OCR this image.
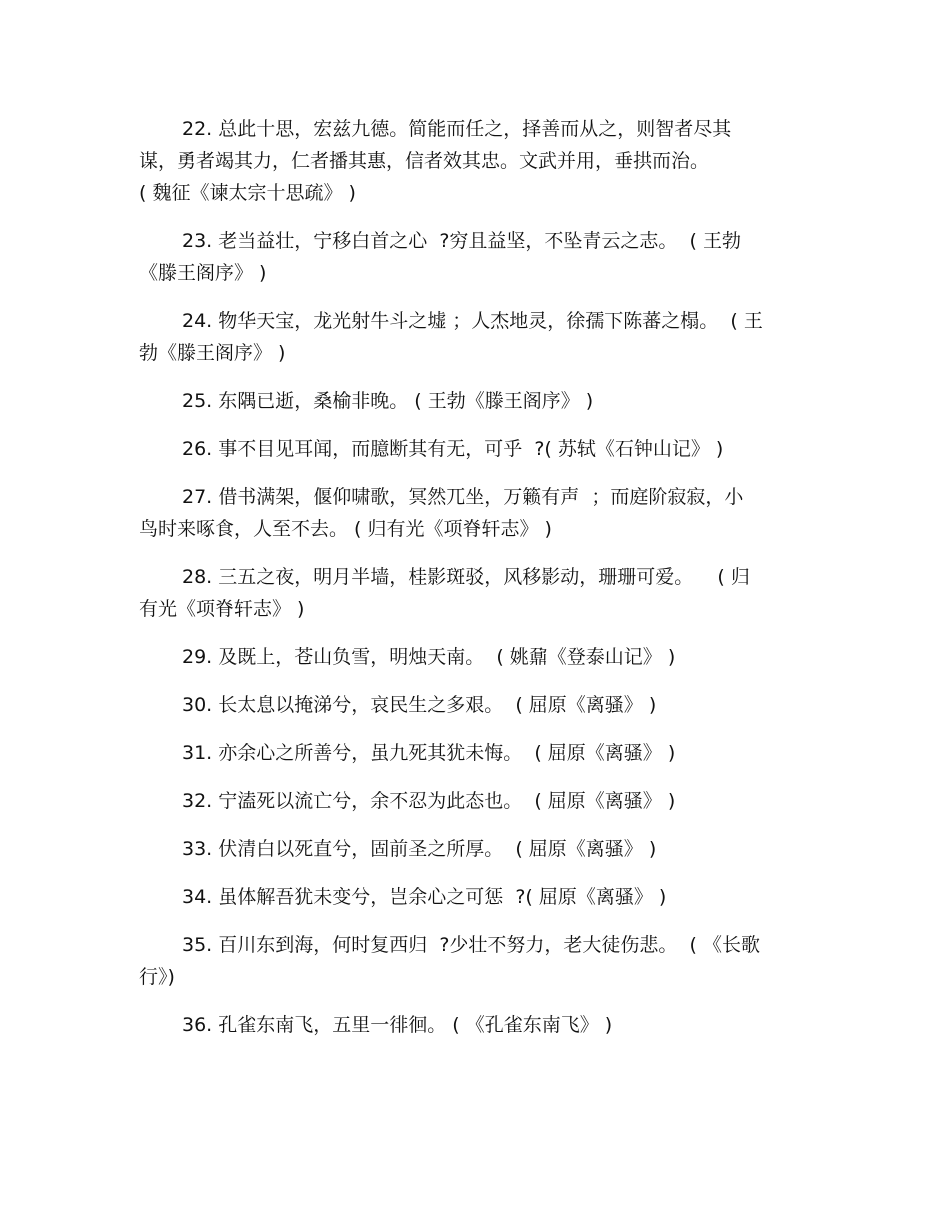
22. 总此十思，宏兹九德。简能而任之，择善而从之，则智者尽其
谋，勇者竭其力，仁者播其惠，信者效其忠。文武并用，垂拱而治。
( 魏征《谏太宗十思疏》 )
23. 老当益壮，宁移白首之心  ?穷且益坚，不坠青云之志。  ( 王勃
《滕王阁序》 )
24. 物华天宝，龙光射牛斗之墟 ；人杰地灵，徐孺下陈蕃之榻。  ( 王
勃《滕王阁序》 )
25. 东隅已逝，桑榆非晚。 ( 王勃《滕王阁序》 )
26. 事不目见耳闻，而臆断其有无，可乎  ?( 苏轼《石钟山记》 )
27. 借书满架，偃仰啸歌，冥然兀坐，万籁有声  ；而庭阶寂寂，小
鸟时来啄食，人至不去。 ( 归有光《项脊轩志》 )
28. 三五之夜，明月半墙，桂影斑驳，风移影动，珊珊可爱。    ( 归
有光《项脊轩志》 )
29. 及既上，苍山负雪，明烛天南。  ( 姚鼐《登泰山记》 )
30. 长太息以掩涕兮，哀民生之多艰。  ( 屈原《离骚》 )
31. 亦余心之所善兮，虽九死其犹未悔。  ( 屈原《离骚》 )
32. 宁溘死以流亡兮，余不忍为此态也。  ( 屈原《离骚》 )
33. 伏清白以死直兮，固前圣之所厚。  ( 屈原《离骚》 )
34. 虽体解吾犹未变兮，岂余心之可惩  ?( 屈原《离骚》 )
35. 百川东到海，何时复西归  ?少壮不努力，老大徒伤悲。  ( 《长歌
行》)
36. 孔雀东南飞，五里一徘徊。 ( 《孔雀东南飞》 )
